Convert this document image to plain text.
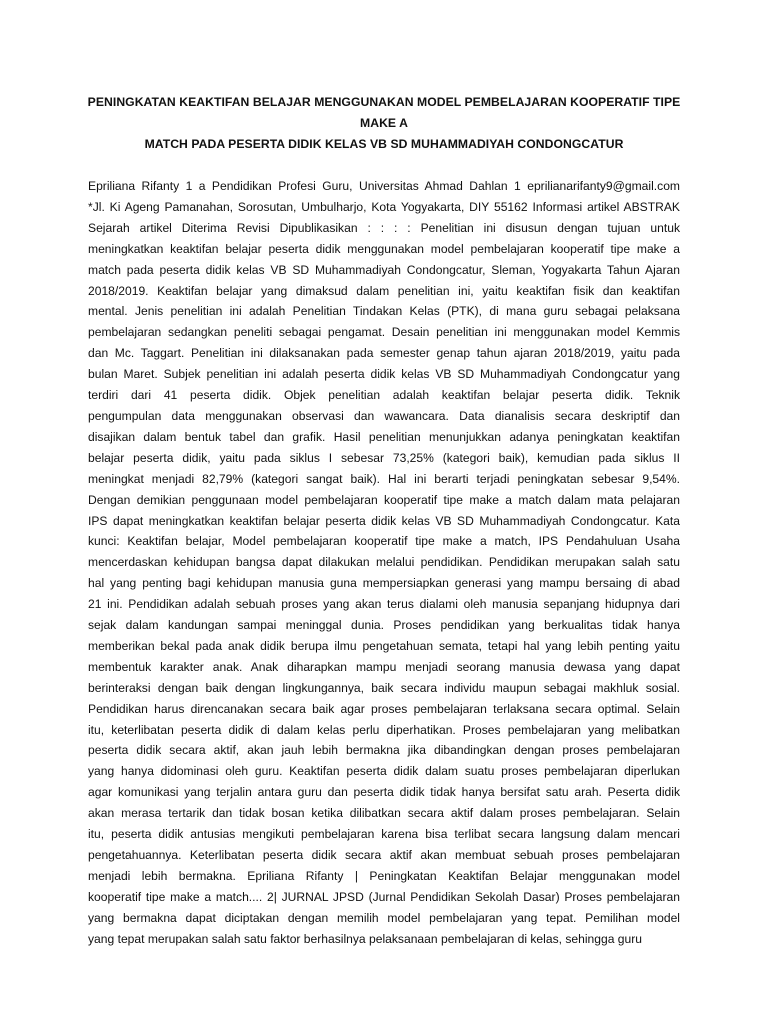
PENINGKATAN KEAKTIFAN BELAJAR MENGGUNAKAN MODEL PEMBELAJARAN KOOPERATIF TIPE MAKE A
MATCH PADA PESERTA DIDIK KELAS VB SD MUHAMMADIYAH CONDONGCATUR
Epriliana Rifanty 1 a Pendidikan Profesi Guru, Universitas Ahmad Dahlan 1 eprilianarifanty9@gmail.com
*Jl. Ki Ageng Pamanahan, Sorosutan, Umbulharjo, Kota Yogyakarta, DIY 55162 Informasi artikel ABSTRAK
Sejarah artikel Diterima Revisi Dipublikasikan : : : : Penelitian ini disusun dengan tujuan untuk
meningkatkan keaktifan belajar peserta didik menggunakan model pembelajaran kooperatif tipe make a
match pada peserta didik kelas VB SD Muhammadiyah Condongcatur, Sleman, Yogyakarta Tahun Ajaran
2018/2019. Keaktifan belajar yang dimaksud dalam penelitian ini, yaitu keaktifan fisik dan keaktifan
mental. Jenis penelitian ini adalah Penelitian Tindakan Kelas (PTK), di mana guru sebagai pelaksana
pembelajaran sedangkan peneliti sebagai pengamat. Desain penelitian ini menggunakan model Kemmis
dan Mc. Taggart. Penelitian ini dilaksanakan pada semester genap tahun ajaran 2018/2019, yaitu pada
bulan Maret. Subjek penelitian ini adalah peserta didik kelas VB SD Muhammadiyah Condongcatur yang
terdiri dari 41 peserta didik. Objek penelitian adalah keaktifan belajar peserta didik. Teknik
pengumpulan data menggunakan observasi dan wawancara. Data dianalisis secara deskriptif dan
disajikan dalam bentuk tabel dan grafik. Hasil penelitian menunjukkan adanya peningkatan keaktifan
belajar peserta didik, yaitu pada siklus I sebesar 73,25% (kategori baik), kemudian pada siklus II
meningkat menjadi 82,79% (kategori sangat baik). Hal ini berarti terjadi peningkatan sebesar 9,54%.
Dengan demikian penggunaan model pembelajaran kooperatif tipe make a match dalam mata pelajaran
IPS dapat meningkatkan keaktifan belajar peserta didik kelas VB SD Muhammadiyah Condongcatur. Kata
kunci: Keaktifan belajar, Model pembelajaran kooperatif tipe make a match, IPS Pendahuluan Usaha
mencerdaskan kehidupan bangsa dapat dilakukan melalui pendidikan. Pendidikan merupakan salah satu
hal yang penting bagi kehidupan manusia guna mempersiapkan generasi yang mampu bersaing di abad
21 ini. Pendidikan adalah sebuah proses yang akan terus dialami oleh manusia sepanjang hidupnya dari
sejak dalam kandungan sampai meninggal dunia. Proses pendidikan yang berkualitas tidak hanya
memberikan bekal pada anak didik berupa ilmu pengetahuan semata, tetapi hal yang lebih penting yaitu
membentuk karakter anak. Anak diharapkan mampu menjadi seorang manusia dewasa yang dapat
berinteraksi dengan baik dengan lingkungannya, baik secara individu maupun sebagai makhluk sosial.
Pendidikan harus direncanakan secara baik agar proses pembelajaran terlaksana secara optimal. Selain
itu, keterlibatan peserta didik di dalam kelas perlu diperhatikan. Proses pembelajaran yang melibatkan
peserta didik secara aktif, akan jauh lebih bermakna jika dibandingkan dengan proses pembelajaran
yang hanya didominasi oleh guru. Keaktifan peserta didik dalam suatu proses pembelajaran diperlukan
agar komunikasi yang terjalin antara guru dan peserta didik tidak hanya bersifat satu arah. Peserta didik
akan merasa tertarik dan tidak bosan ketika dilibatkan secara aktif dalam proses pembelajaran. Selain
itu, peserta didik antusias mengikuti pembelajaran karena bisa terlibat secara langsung dalam mencari
pengetahuannya. Keterlibatan peserta didik secara aktif akan membuat sebuah proses pembelajaran
menjadi lebih bermakna. Epriliana Rifanty | Peningkatan Keaktifan Belajar menggunakan model
kooperatif tipe make a match.... 2| JURNAL JPSD (Jurnal Pendidikan Sekolah Dasar) Proses pembelajaran
yang bermakna dapat diciptakan dengan memilih model pembelajaran yang tepat. Pemilihan model
yang tepat merupakan salah satu faktor berhasilnya pelaksanaan pembelajaran di kelas, sehingga guru
